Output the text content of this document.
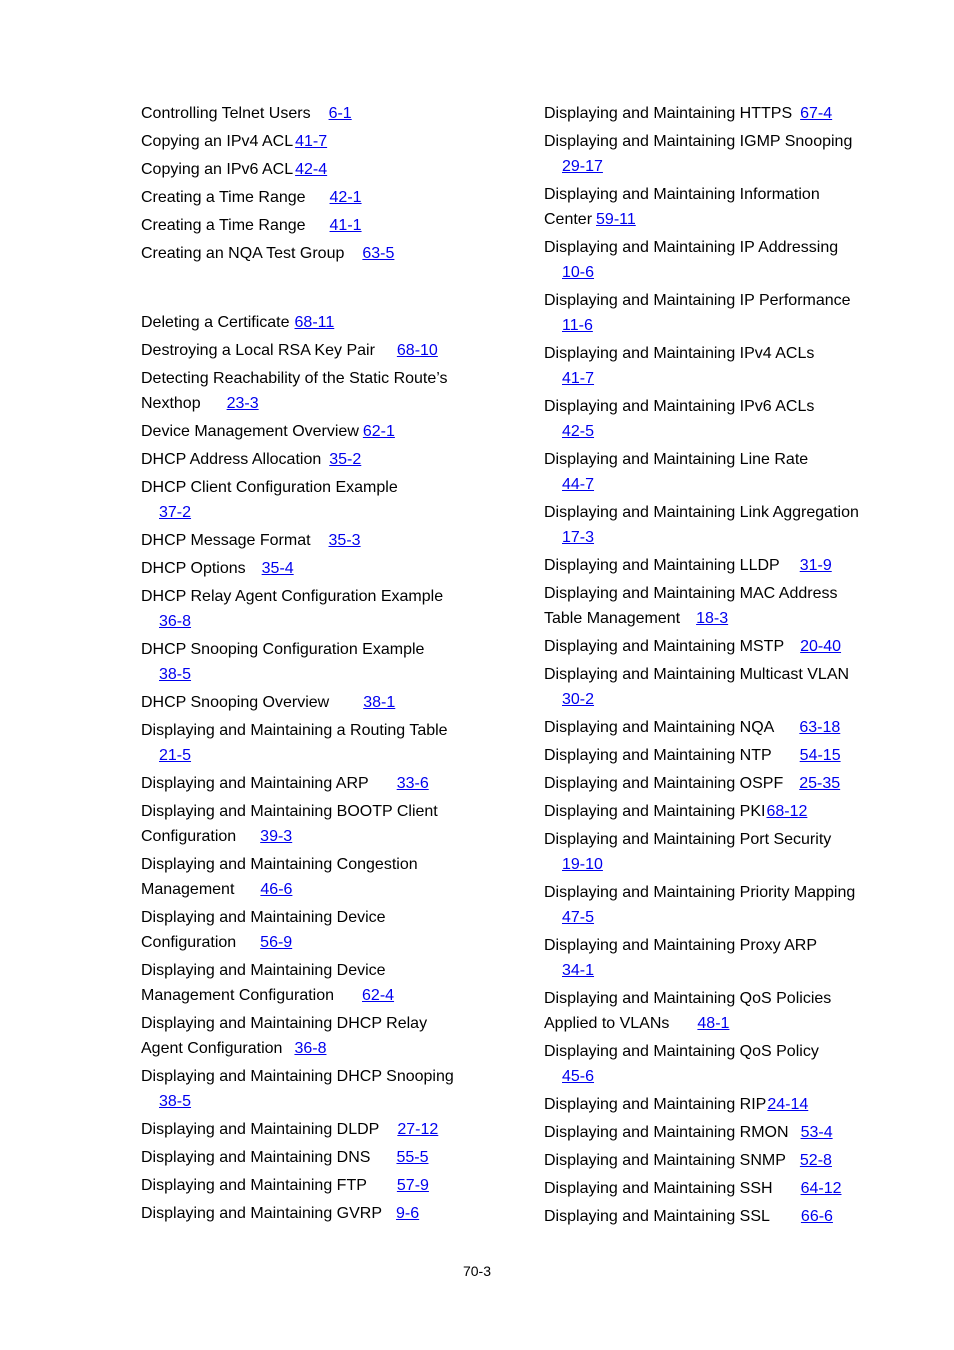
Controlling Telnet Users 6-1
Copying an IPv4 ACL 41-7
Copying an IPv6 ACL 42-4
Creating a Time Range 42-1
Creating a Time Range 41-1
Creating an NQA Test Group 63-5
Deleting a Certificate 68-11
Destroying a Local RSA Key Pair 68-10
Detecting Reachability of the Static Route’s
Nexthop 23-3
Device Management Overview 62-1
DHCP Address Allocation 35-2
DHCP Client Configuration Example
37-2
DHCP Message Format 35-3
DHCP Options 35-4
DHCP Relay Agent Configuration Example
36-8
DHCP Snooping Configuration Example
38-5
DHCP Snooping Overview 38-1
Displaying and Maintaining a Routing Table
21-5
Displaying and Maintaining ARP 33-6
Displaying and Maintaining BOOTP Client
Configuration 39-3
Displaying and Maintaining Congestion
Management 46-6
Displaying and Maintaining Device
Configuration 56-9
Displaying and Maintaining Device
Management Configuration 62-4
Displaying and Maintaining DHCP Relay
Agent Configuration 36-8
Displaying and Maintaining DHCP Snooping
38-5
Displaying and Maintaining DLDP 27-12
Displaying and Maintaining DNS 55-5
Displaying and Maintaining FTP 57-9
Displaying and Maintaining GVRP 9-6
Displaying and Maintaining HTTPS 67-4
Displaying and Maintaining IGMP Snooping
29-17
Displaying and Maintaining Information
Center 59-11
Displaying and Maintaining IP Addressing
10-6
Displaying and Maintaining IP Performance
11-6
Displaying and Maintaining IPv4 ACLs
41-7
Displaying and Maintaining IPv6 ACLs
42-5
Displaying and Maintaining Line Rate
44-7
Displaying and Maintaining Link Aggregation
17-3
Displaying and Maintaining LLDP 31-9
Displaying and Maintaining MAC Address
Table Management 18-3
Displaying and Maintaining MSTP 20-40
Displaying and Maintaining Multicast VLAN
30-2
Displaying and Maintaining NQA 63-18
Displaying and Maintaining NTP 54-15
Displaying and Maintaining OSPF 25-35
Displaying and Maintaining PKI68-12
Displaying and Maintaining Port Security
19-10
Displaying and Maintaining Priority Mapping
47-5
Displaying and Maintaining Proxy ARP
34-1
Displaying and Maintaining QoS Policies
Applied to VLANs 48-1
Displaying and Maintaining QoS Policy
45-6
Displaying and Maintaining RIP24-14
Displaying and Maintaining RMON 53-4
Displaying and Maintaining SNMP 52-8
Displaying and Maintaining SSH 64-12
Displaying and Maintaining SSL 66-6
70-3
